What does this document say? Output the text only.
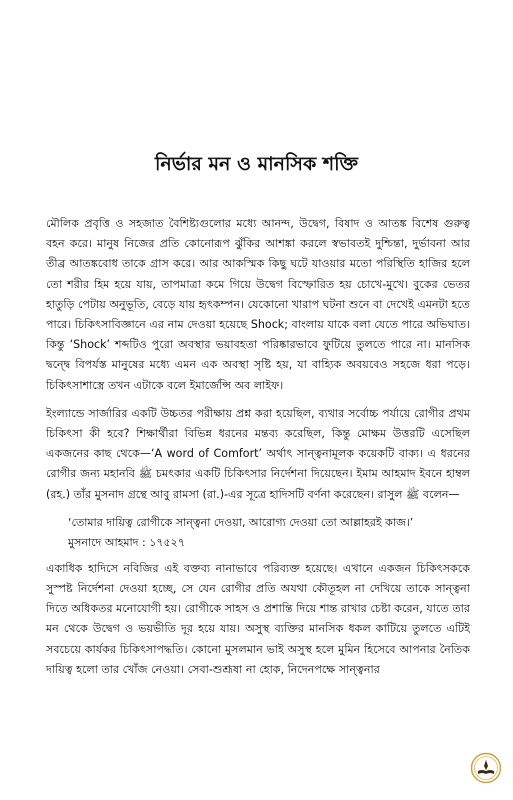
নির্ভার মন ও মানসিক শক্তি

মৌলিক প্রবৃত্তি ও সহজাত বৈশিষ্ট্যগুলোর মধ্যে আনন্দ, উদ্বেগ, বিষাদ ও আতঙ্ক বিশেষ গুরুত্ব বহন করে। মানুষ নিজের প্রতি কোনোরূপ ঝুঁকির আশঙ্কা করলে স্বভাবতই দুশ্চিন্তা, দুর্ভাবনা আর তীব্র আতঙ্কবোধ তাকে গ্রাস করে। আর আকস্মিক কিছু ঘটে যাওয়ার মতো পরিস্থিতি হাজির হলে তো শরীর হিম হয়ে যায়, তাপমাত্রা কমে গিয়ে উদ্বেগ বিস্ফোরিত হয় চোখে-মুখে। বুকের ভেতর হাতুড়ি পেটায় অনুভূতি, বেড়ে যায় হৃৎকম্পন। যেকোনো খারাপ ঘটনা শুনে বা দেখেই এমনটা হতে পারে। চিকিৎসাবিজ্ঞানে এর নাম দেওয়া হয়েছে Shock; বাংলায় যাকে বলা যেতে পারে অভিঘাত। কিন্তু ‘Shock’ শব্দটিও পুরো অবস্থার ভয়াবহতা পরিষ্কারভাবে ফুটিয়ে তুলতে পারে না। মানসিক দ্বন্দ্বে বিপর্যস্ত মানুষের মধ্যে এমন এক অবস্থা সৃষ্টি হয়, যা বাহ্যিক অবয়বেও সহজে ধরা পড়ে। চিকিৎসাশাস্ত্রে তখন এটাকে বলে ইমার্জেন্সি অব লাইফ।

ইংল্যান্ডে সার্জারির একটি উচ্চতর পরীক্ষায় প্রশ্ন করা হয়েছিল, ব্যথার সর্বোচ্চ পর্যায়ে রোগীর প্রথম চিকিৎসা কী হবে? শিক্ষার্থীরা বিভিন্ন ধরনের মন্তব্য করেছিল, কিন্তু মোক্ষম উত্তরটি এসেছিল একজনের কাছ থেকে—‘A word of Comfort’ অর্থাৎ সান্ত্বনামূলক কয়েকটি বাক্য। এ ধরনের রোগীর জন্য মহানবি ﷺ চমৎকার একটি চিকিৎসার নির্দেশনা দিয়েছেন। ইমাম আহমাদ ইবনে হাম্বল (রহ.) তাঁর মুসনাদ গ্রন্থে আবু রামসা (রা.)-এর সূত্রে হাদিসটি বর্ণনা করেছেন। রাসুল ﷺ বলেন—

‘তোমার দায়িত্ব রোগীকে সান্ত্বনা দেওয়া, আরোগ্য দেওয়া তো আল্লাহরই কাজ।’
মুসনাদে আহমাদ : ১৭৫২৭

একাধিক হাদিসে নবিজির এই বক্তব্য নানাভাবে পরিব্যক্ত হয়েছে। এখানে একজন চিকিৎসককে সুস্পষ্ট নির্দেশনা দেওয়া হচ্ছে, সে যেন রোগীর প্রতি অযথা কৌতূহল না দেখিয়ে তাকে সান্ত্বনা দিতে অধিকতর মনোযোগী হয়। রোগীকে সাহস ও প্রশান্তি দিয়ে শান্ত রাখার চেষ্টা করেন, যাতে তার মন থেকে উদ্বেগ ও ভয়ভীতি দূর হয়ে যায়। অসুস্থ ব্যক্তির মানসিক ধকল কাটিয়ে তুলতে এটিই সবচেয়ে কার্যকর চিকিৎসাপদ্ধতি। কোনো মুসলমান ভাই অসুস্থ হলে মুমিন হিসেবে আপনার নৈতিক দায়িত্ব হলো তার খোঁজ নেওয়া। সেবা-শুশ্রূষা না হোক, নিদেনপক্ষে সান্ত্বনার
